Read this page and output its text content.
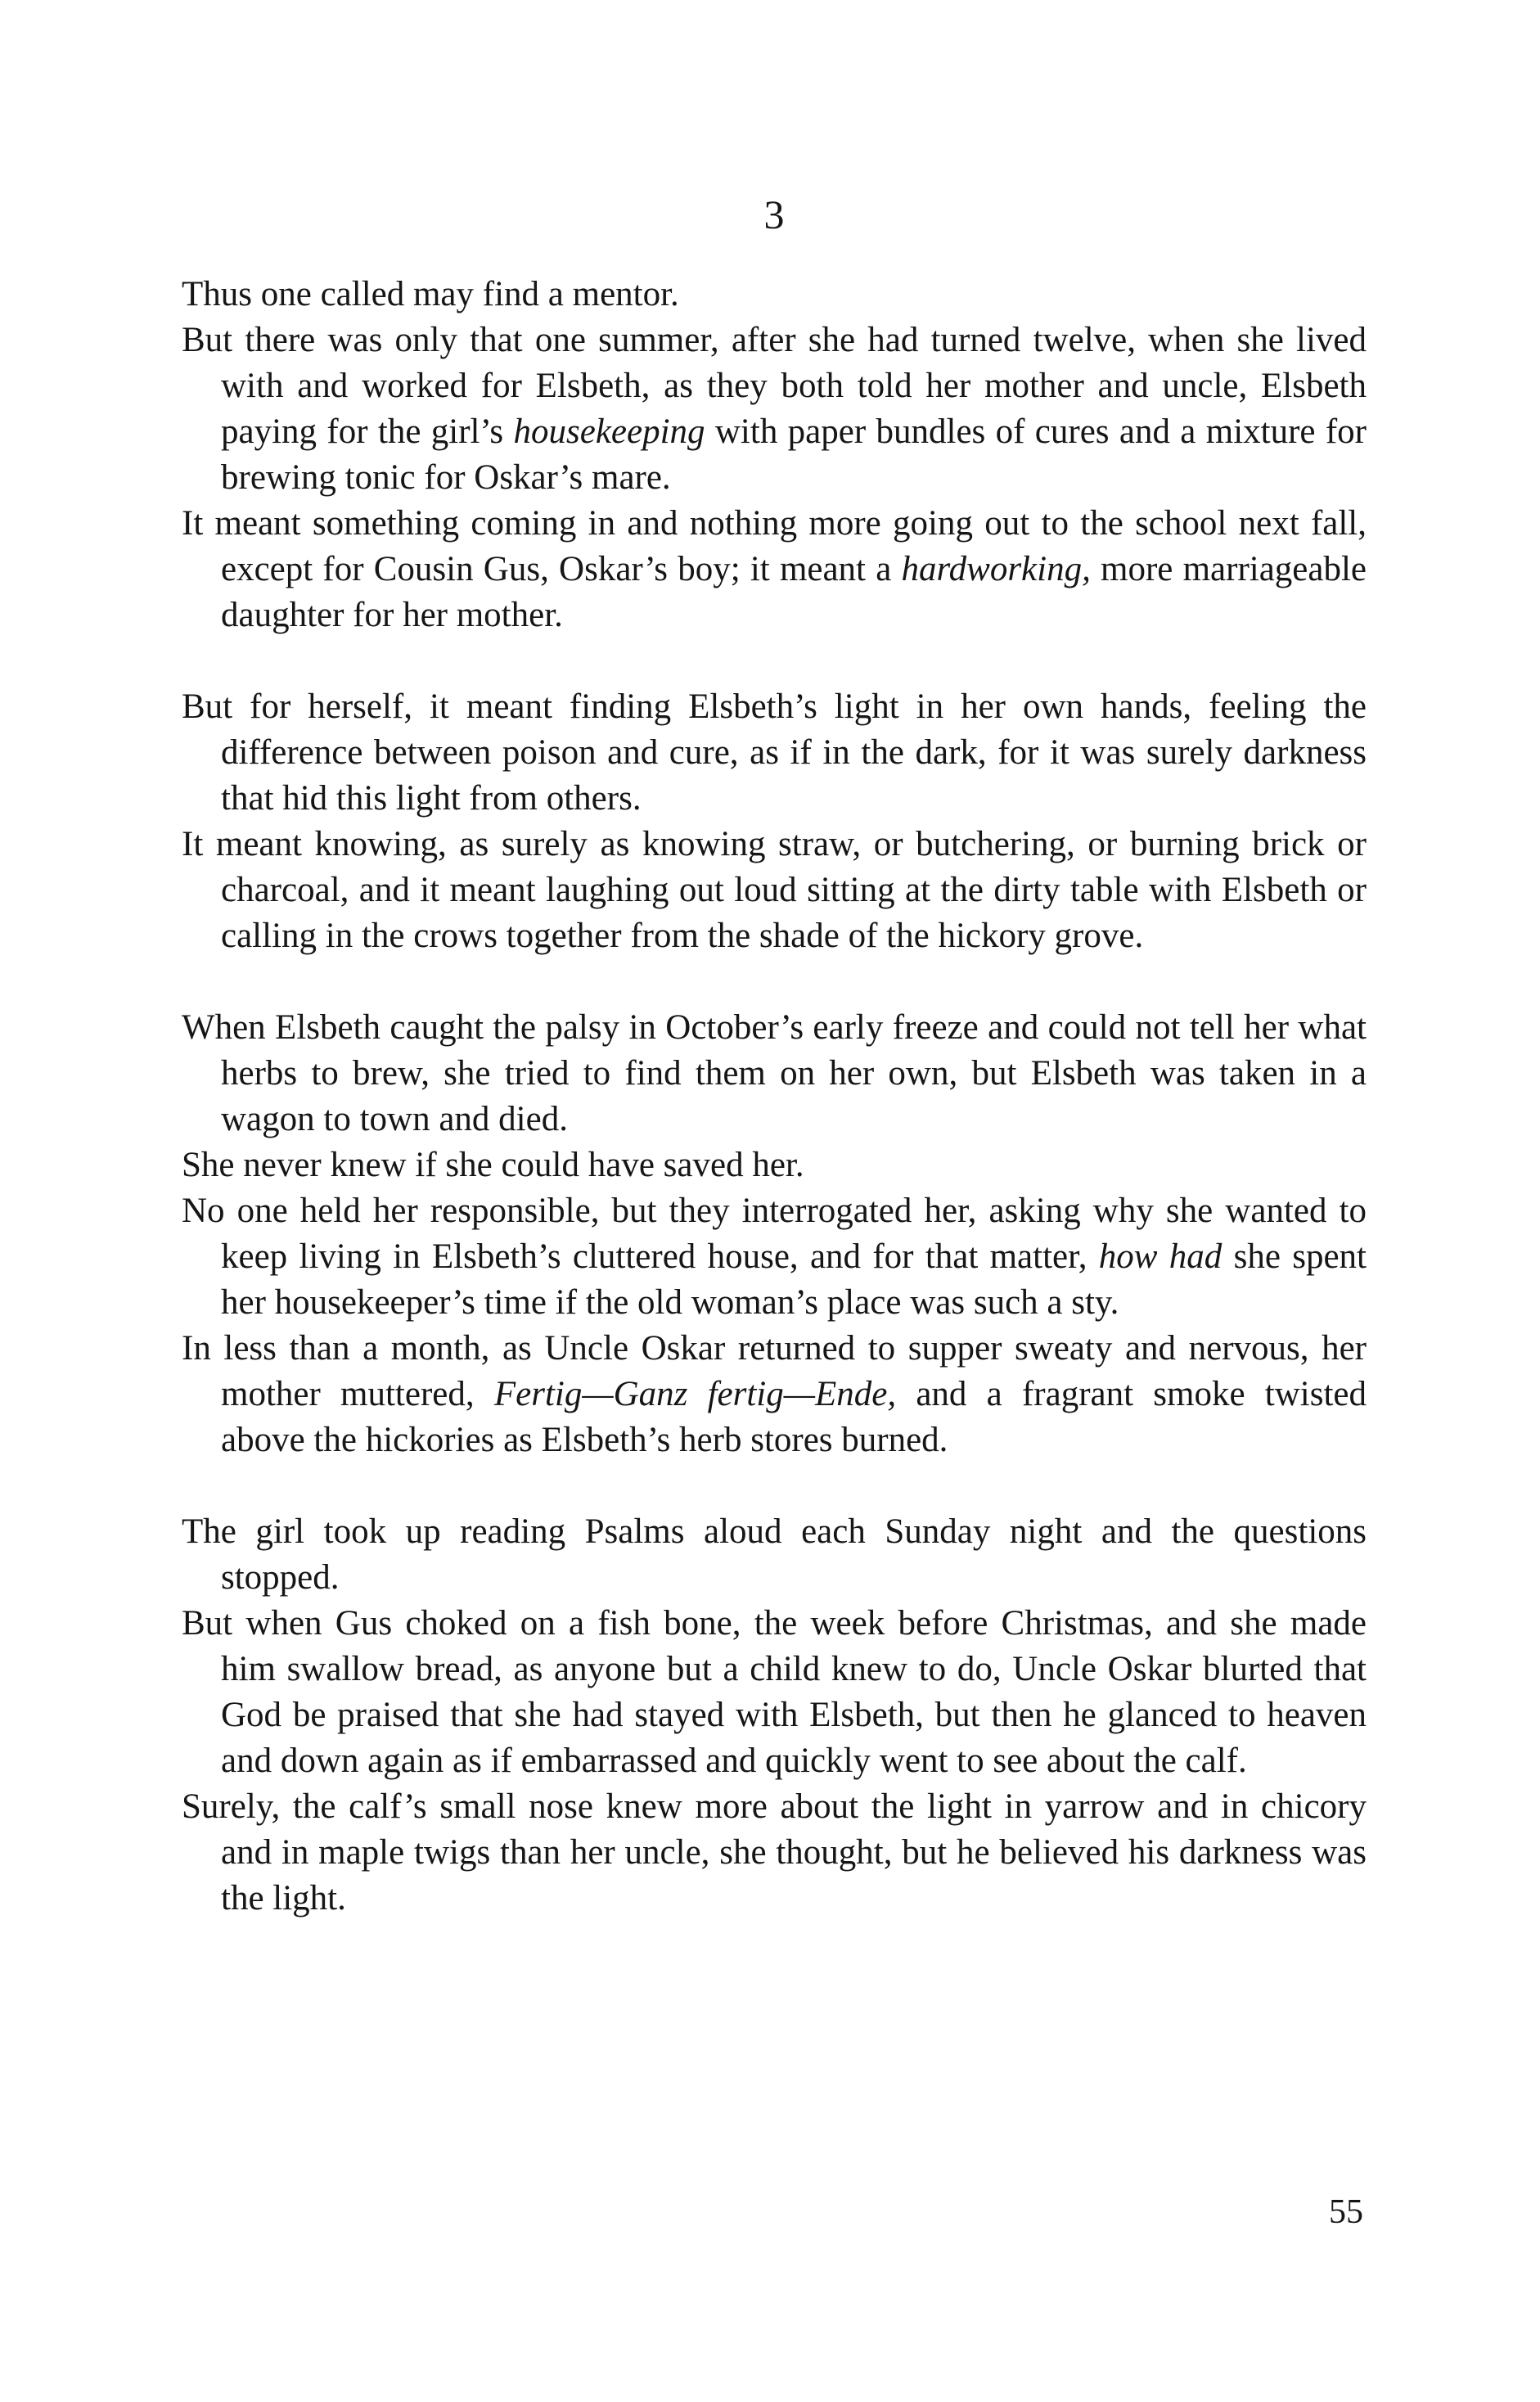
3

Thus one called may find a mentor.

But there was only that one summer, after she had turned twelve, when she lived with and worked for Elsbeth, as they both told her mother and uncle, Elsbeth paying for the girl’s housekeeping with paper bundles of cures and a mixture for brewing tonic for Oskar’s mare.

It meant something coming in and nothing more going out to the school next fall, except for Cousin Gus, Oskar’s boy; it meant a hardworking, more marriageable daughter for her mother.

But for herself, it meant finding Elsbeth’s light in her own hands, feeling the difference between poison and cure, as if in the dark, for it was surely darkness that hid this light from others.

It meant knowing, as surely as knowing straw, or butchering, or burning brick or charcoal, and it meant laughing out loud sitting at the dirty table with Elsbeth or calling in the crows together from the shade of the hickory grove.

When Elsbeth caught the palsy in October’s early freeze and could not tell her what herbs to brew, she tried to find them on her own, but Elsbeth was taken in a wagon to town and died.

She never knew if she could have saved her.

No one held her responsible, but they interrogated her, asking why she wanted to keep living in Elsbeth’s cluttered house, and for that matter, how had she spent her housekeeper’s time if the old woman’s place was such a sty.

In less than a month, as Uncle Oskar returned to supper sweaty and nervous, her mother muttered, Fertig—Ganz fertig—Ende, and a fragrant smoke twisted above the hickories as Elsbeth’s herb stores burned.

The girl took up reading Psalms aloud each Sunday night and the questions stopped.

But when Gus choked on a fish bone, the week before Christmas, and she made him swallow bread, as anyone but a child knew to do, Uncle Oskar blurted that God be praised that she had stayed with Elsbeth, but then he glanced to heaven and down again as if embarrassed and quickly went to see about the calf.

Surely, the calf’s small nose knew more about the light in yarrow and in chicory and in maple twigs than her uncle, she thought, but he believed his darkness was the light.

55
